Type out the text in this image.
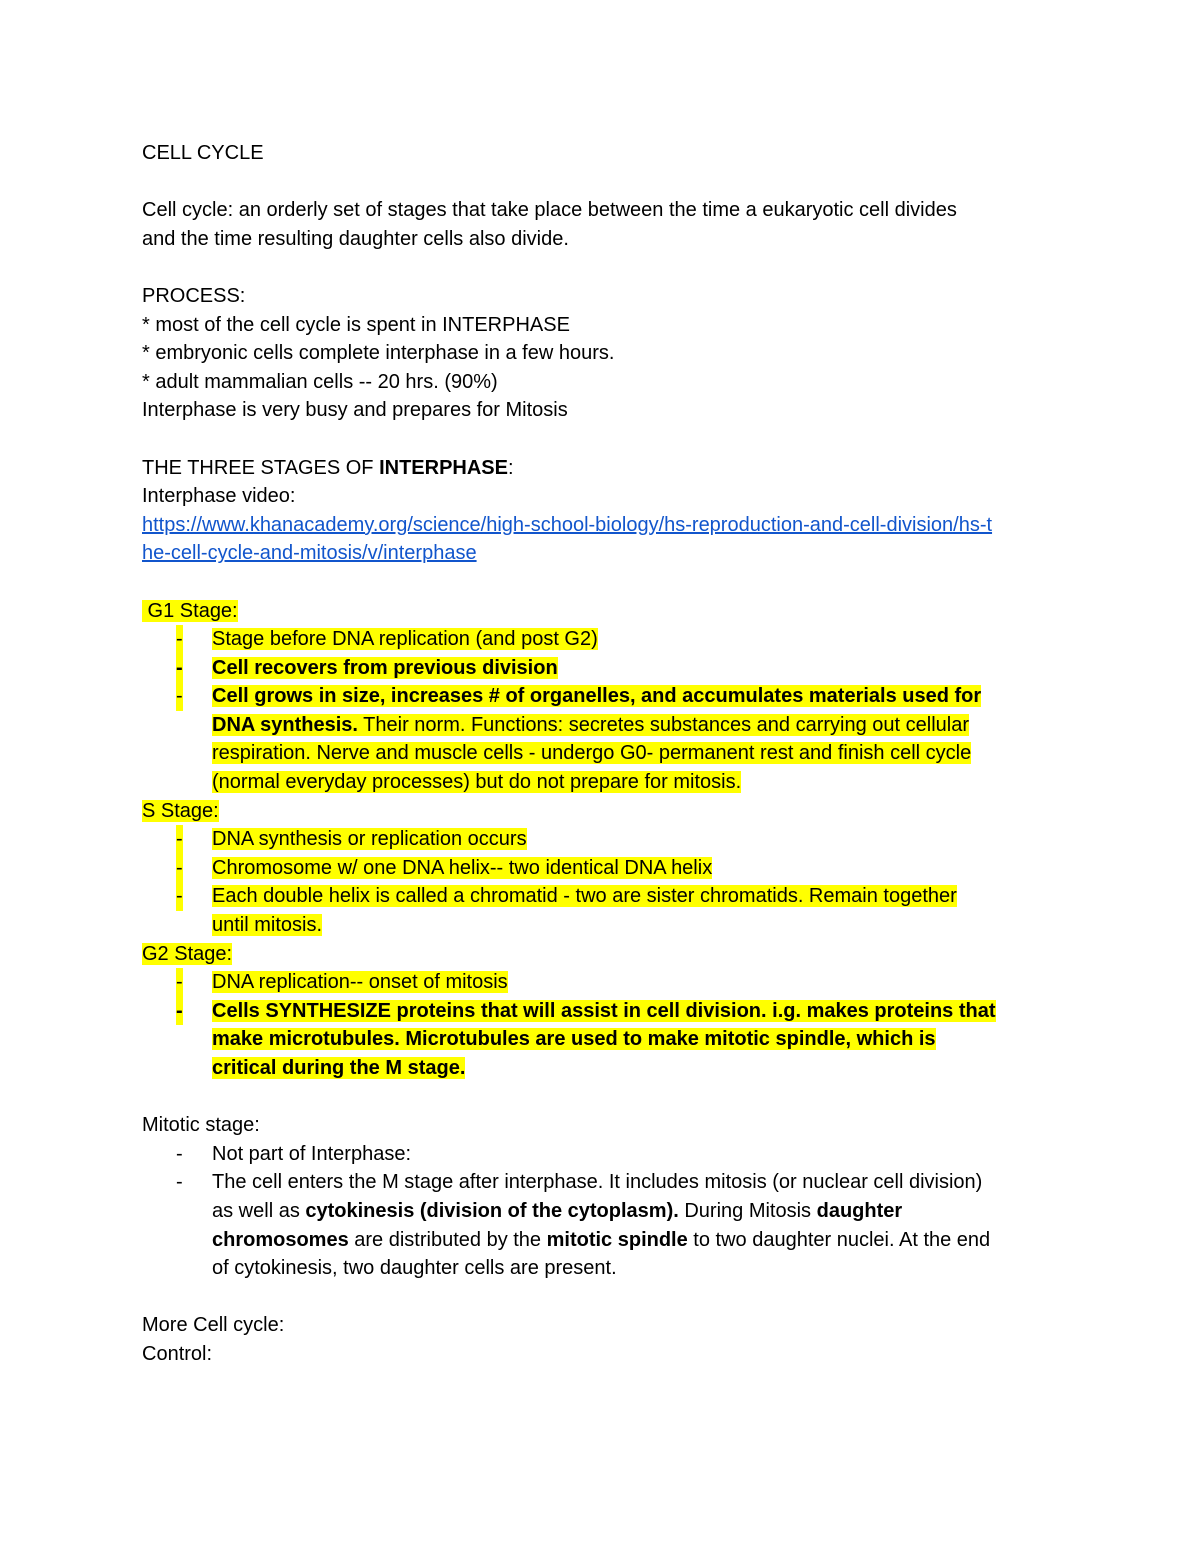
CELL CYCLE
Cell cycle: an orderly set of stages that take place between the time a eukaryotic cell divides
and the time resulting daughter cells also divide.
PROCESS:
* most of the cell cycle is spent in INTERPHASE
* embryonic cells complete interphase in a few hours.
* adult mammalian cells -- 20 hrs. (90%)
Interphase is very busy and prepares for Mitosis
THE THREE STAGES OF INTERPHASE:
Interphase video:
https://www.khanacademy.org/science/high-school-biology/hs-reproduction-and-cell-division/hs-t
he-cell-cycle-and-mitosis/v/interphase
G1 Stage:
- Stage before DNA replication (and post G2)
- Cell recovers from previous division
- Cell grows in size, increases # of organelles, and accumulates materials used for
DNA synthesis. Their norm. Functions: secretes substances and carrying out cellular
respiration. Nerve and muscle cells - undergo G0- permanent rest and finish cell cycle
(normal everyday processes) but do not prepare for mitosis.
S Stage:
- DNA synthesis or replication occurs
- Chromosome w/ one DNA helix-- two identical DNA helix
- Each double helix is called a chromatid - two are sister chromatids. Remain together
until mitosis.
G2 Stage:
- DNA replication-- onset of mitosis
- Cells SYNTHESIZE proteins that will assist in cell division. i.g. makes proteins that
make microtubules. Microtubules are used to make mitotic spindle, which is
critical during the M stage.
Mitotic stage:
- Not part of Interphase:
- The cell enters the M stage after interphase. It includes mitosis (or nuclear cell division)
as well as cytokinesis (division of the cytoplasm). During Mitosis daughter
chromosomes are distributed by the mitotic spindle to two daughter nuclei. At the end
of cytokinesis, two daughter cells are present.
More Cell cycle:
Control:
